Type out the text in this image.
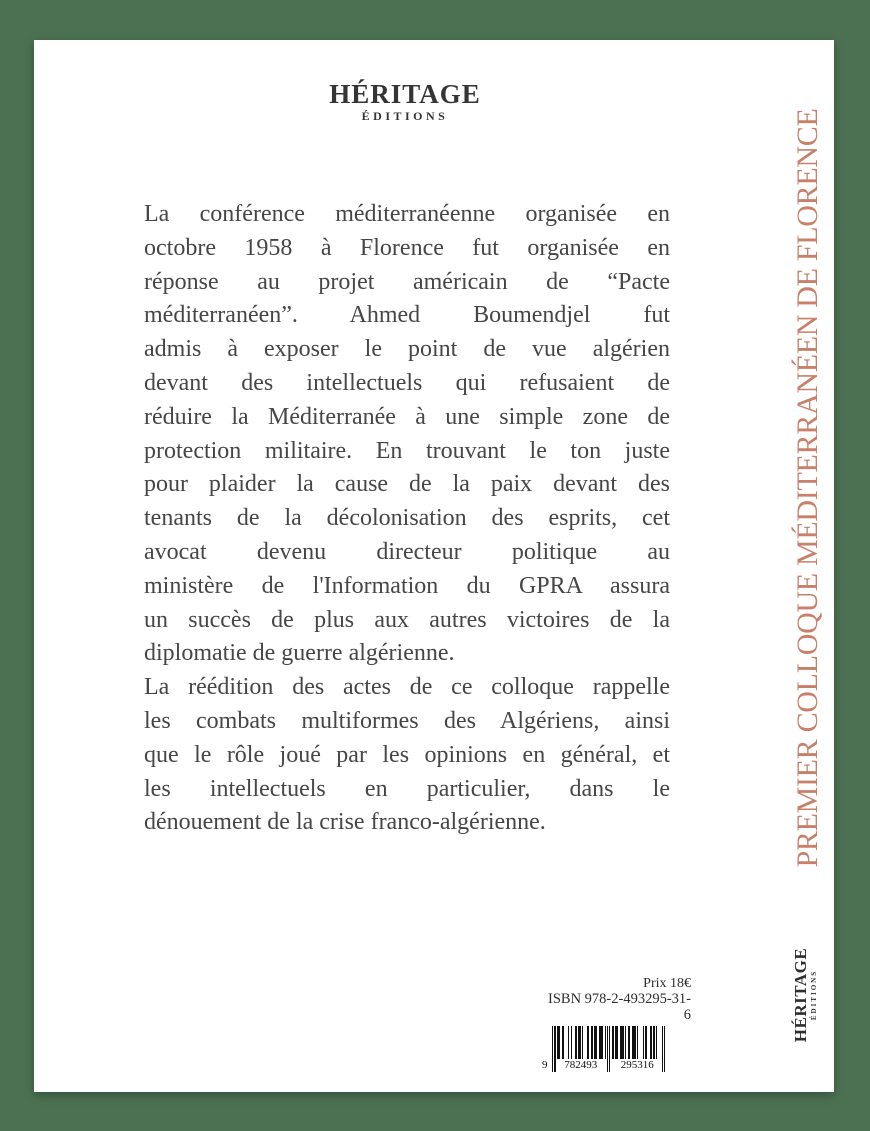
HÉRITAGE
ÉDITIONS
La conférence méditerranéenne organisée en
octobre 1958 à Florence fut organisée en
réponse au projet américain de “Pacte
méditerranéen”. Ahmed Boumendjel fut
admis à exposer le point de vue algérien
devant des intellectuels qui refusaient de
réduire la Méditerranée à une simple zone de
protection militaire. En trouvant le ton juste
pour plaider la cause de la paix devant des
tenants de la décolonisation des esprits, cet
avocat devenu directeur politique au
ministère de l'Information du GPRA assura
un succès de plus aux autres victoires de la
diplomatie de guerre algérienne.
La réédition des actes de ce colloque rappelle
les combats multiformes des Algériens, ainsi
que le rôle joué par les opinions en général, et
les intellectuels en particulier, dans le
dénouement de la crise franco-algérienne.	PREMIER COLLOQUE MÉDITERRANÉEN DE FLORENCE
Prix 18€
ISBN 978-2-493295-31-6
9	782493	295316
HÉRITAGE ÉDITIONS
